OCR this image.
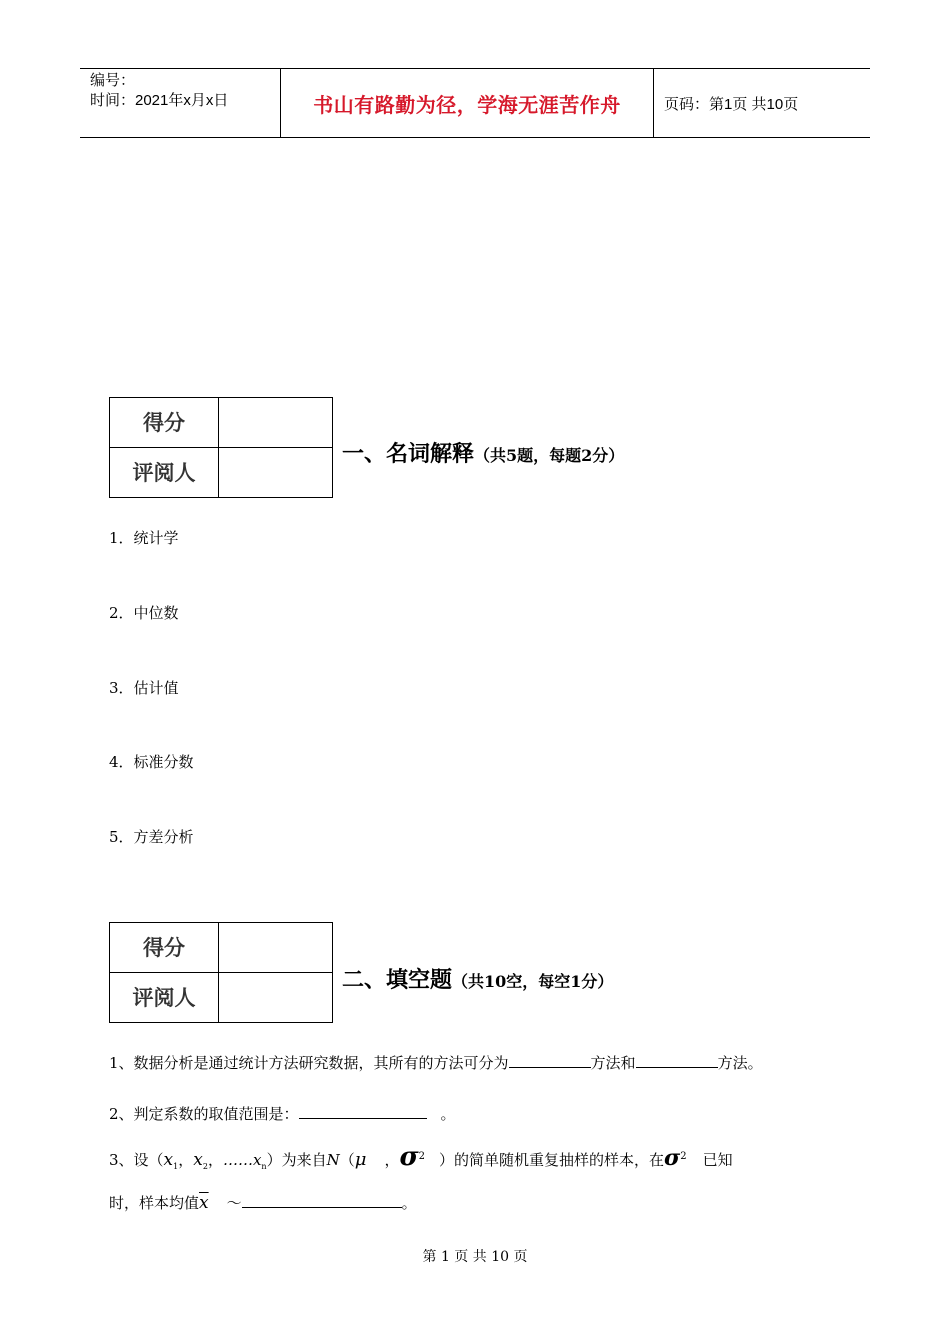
编号：
时间：2021年x月x日	书山有路勤为径，学海无涯苦作舟	页码：第1页 共10页
得分
评阅人
一、名词解释（共5题，每题2分）
1．统计学
2．中位数
3．估计值
4．标准分数
5．方差分析
得分
评阅人
二、填空题（共10空，每空1分）
1、数据分析是通过统计方法研究数据，其所有的方法可分为	方法和	方法。
2、判定系数的取值范围是：	。
3、设（$x_1$，$x_2$，$\dots\dots x_n$）为来自N（μ ，$\sigma^2$ ）的简单随机重复抽样的样本，在$\sigma^2$ 已知
时，样本均值$\overline{x}$ ～	。
第 1 页 共 10 页
